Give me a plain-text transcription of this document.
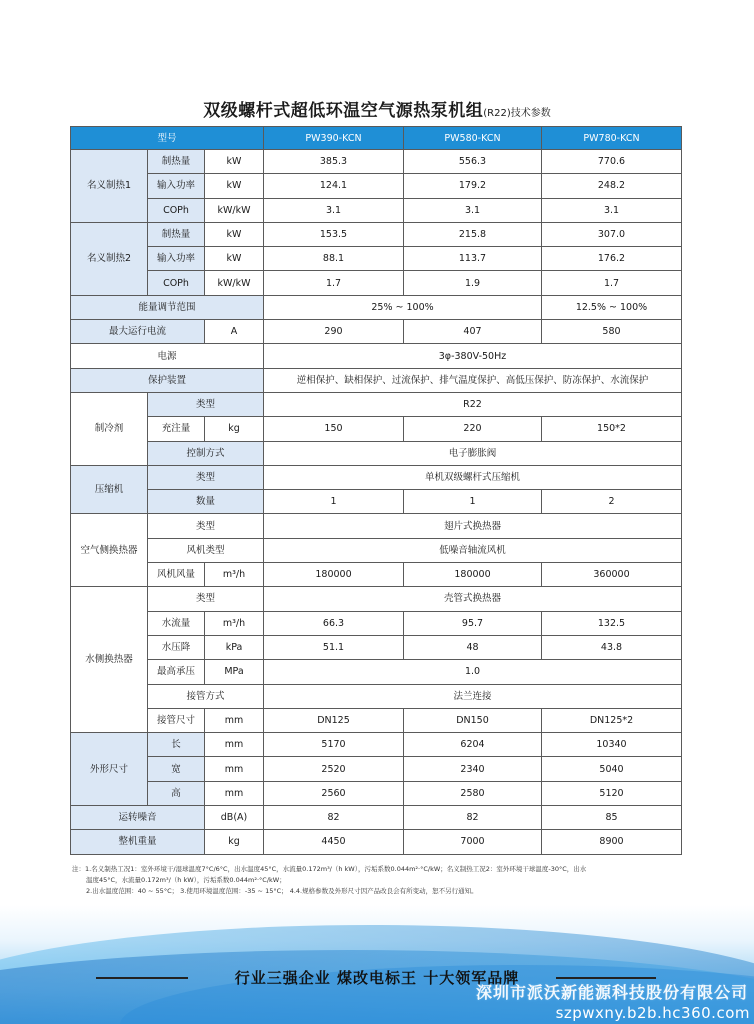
双级螺杆式超低环温空气源热泵机组(R22)技术参数
型号			PW390-KCN	PW580-KCN	PW780-KCN
名义制热1	制热量	kW	385.3	556.3	770.6
	输入功率	kW	124.1	179.2	248.2
	COPh	kW/kW	3.1	3.1	3.1
名义制热2	制热量	kW	153.5	215.8	307.0
	输入功率	kW	88.1	113.7	176.2
	COPh	kW/kW	1.7	1.9	1.7
能量调节范围			25% ~ 100%		12.5% ~ 100%
最大运行电流		A	290	407	580
电源			3φ-380V-50Hz		
保护装置			逆相保护、缺相保护、过流保护、排气温度保护、高低压保护、防冻保护、水流保护		
制冷剂	类型		R22		
	充注量	kg	150	220	150*2
	控制方式		电子膨胀阀		
压缩机	类型		单机双级螺杆式压缩机		
	数量		1	1	2
空气侧换热器	类型		翅片式换热器		
	风机类型		低噪音轴流风机		
	风机风量	m³/h	180000	180000	360000
水侧换热器	类型		壳管式换热器		
	水流量	m³/h	66.3	95.7	132.5
	水压降	kPa	51.1	48	43.8
	最高承压	MPa	1.0		
	接管方式		法兰连接		
	接管尺寸	mm	DN125	DN150	DN125*2
外形尺寸	长	mm	5170	6204	10340
	宽	mm	2520	2340	5040
	高	mm	2560	2580	5120
运转噪音		dB(A)	82	82	85
整机重量		kg	4450	7000	8900

注：1.名义制热工况1：室外环境干/湿球温度7°C/6°C，出水温度45°C，水流量0.172m³/（h kW），污垢系数0.044m²·°C/kW；名义制热工况2：室外环境干球温度-30°C，出水

温度45°C，水流量0.172m³/（h kW），污垢系数0.044m²·°C/kW；

2.出水温度范围：40 ~ 55°C； 3.使用环境温度范围：-35 ~ 15°C； 4.4.规格参数及外形尺寸因产品改良会有所变动，恕不另行通知。

行业三强企业 煤改电标王 十大领军品牌
深圳市派沃新能源科技股份有限公司
szpwxny.b2b.hc360.com
